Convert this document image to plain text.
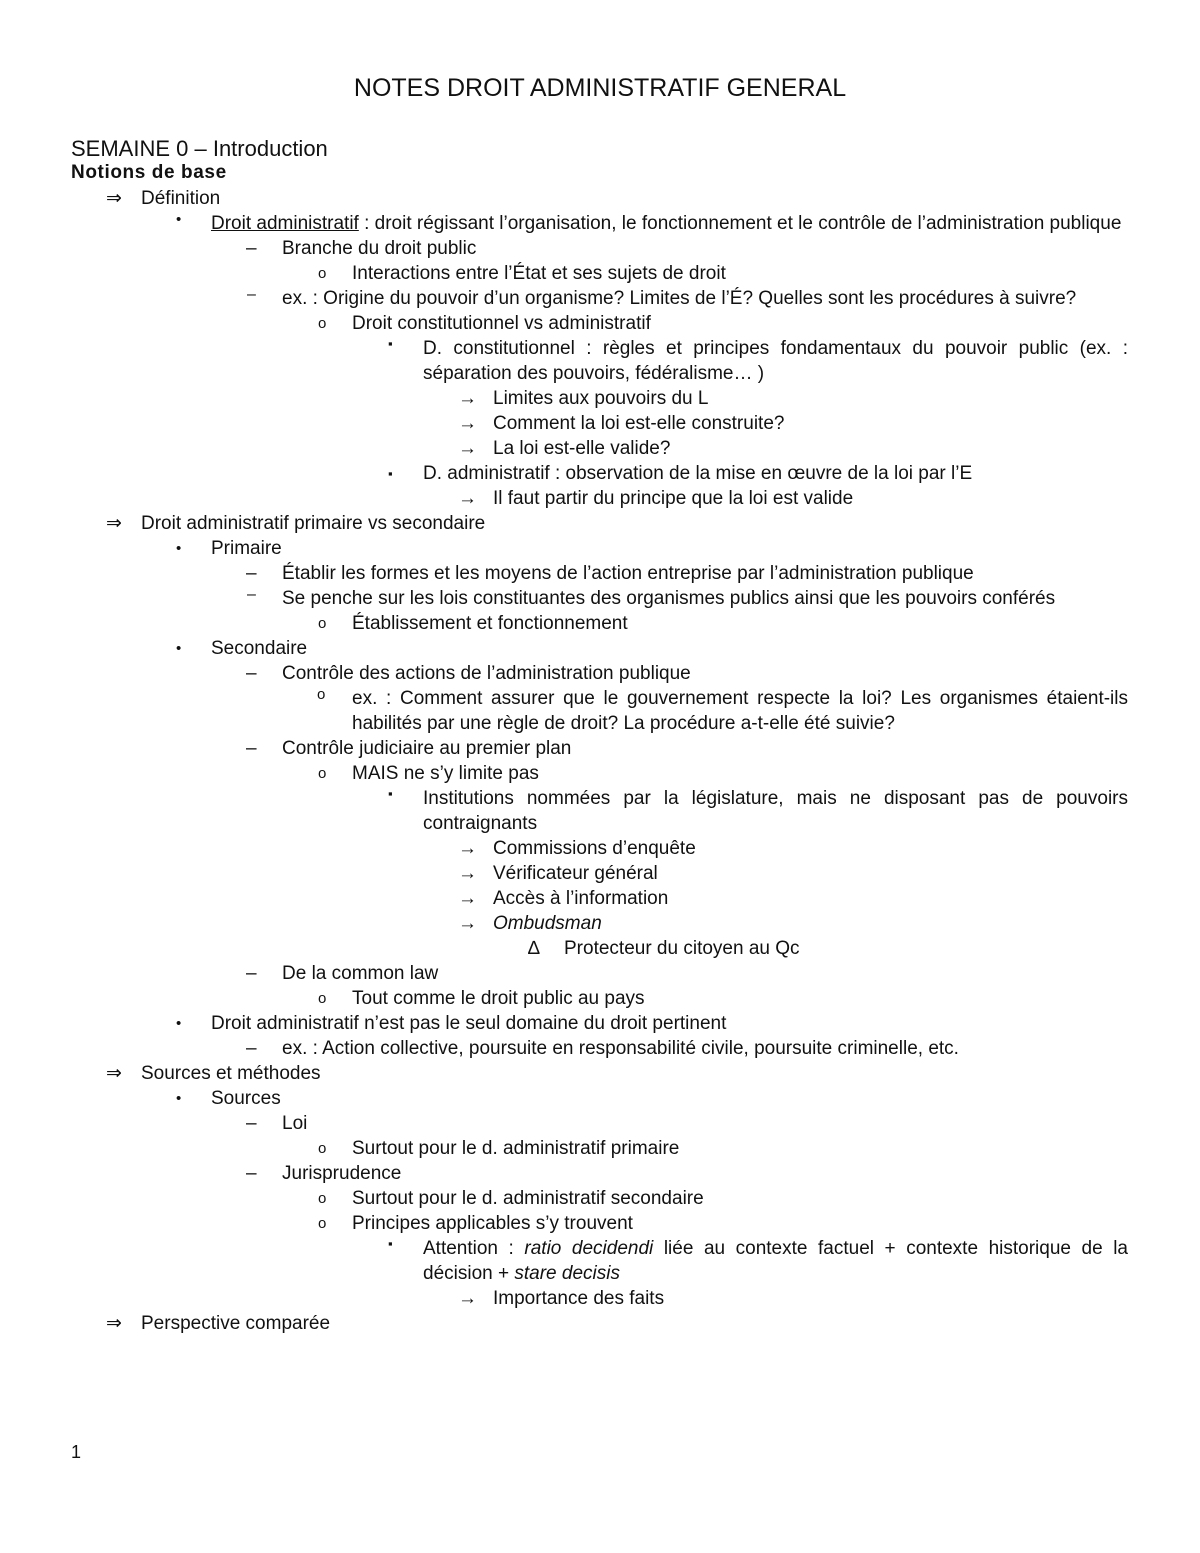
NOTES DROIT ADMINISTRATIF GENERAL
SEMAINE 0 – Introduction
Notions de base
⇒	Définition
•	Droit administratif : droit régissant l’organisation, le fonctionnement et le contrôle de l’administration publique

–	Branche du droit public
o	Interactions entre l’État et ses sujets de droit
–	ex. : Origine du pouvoir d’un organisme? Limites de l’É? Quelles sont les procédures à suivre?

o	Droit constitutionnel vs administratif
▪	D. constitutionnel : règles et principes fondamentaux du pouvoir public (ex. : séparation des pouvoirs, fédéralisme… )

→ Limites aux pouvoirs du L
→ Comment la loi est-elle construite?
→ La loi est-elle valide?
▪	D. administratif : observation de la mise en œuvre de la loi par l’E
→ Il faut partir du principe que la loi est valide
⇒	Droit administratif primaire vs secondaire
•	Primaire
–	Établir les formes et les moyens de l’action entreprise par l’administration publique
–	Se penche sur les lois constituantes des organismes publics ainsi que les pouvoirs conférés

o	Établissement et fonctionnement
•	Secondaire
–	Contrôle des actions de l’administration publique
o	ex. : Comment assurer que le gouvernement respecte la loi? Les organismes étaient-ils habilités par une règle de droit? La procédure a-t-elle été suivie?

–	Contrôle judiciaire au premier plan
o	MAIS ne s’y limite pas
▪	Institutions nommées par la législature, mais ne disposant pas de pouvoirs contraignants

→ Commissions d’enquête
→ Vérificateur général
→ Accès à l’information
→ Ombudsman
∆	Protecteur du citoyen au Qc
–	De la common law
o	Tout comme le droit public au pays
•	Droit administratif n’est pas le seul domaine du droit pertinent
–	ex. : Action collective, poursuite en responsabilité civile, poursuite criminelle, etc.
⇒	Sources et méthodes
•	Sources
–	Loi
o	Surtout pour le d. administratif primaire
–	Jurisprudence
o	Surtout pour le d. administratif secondaire
o	Principes applicables s’y trouvent
▪	Attention : ratio decidendi liée au contexte factuel + contexte historique de la décision + stare decisis

→ Importance des faits
⇒	Perspective comparée
1
